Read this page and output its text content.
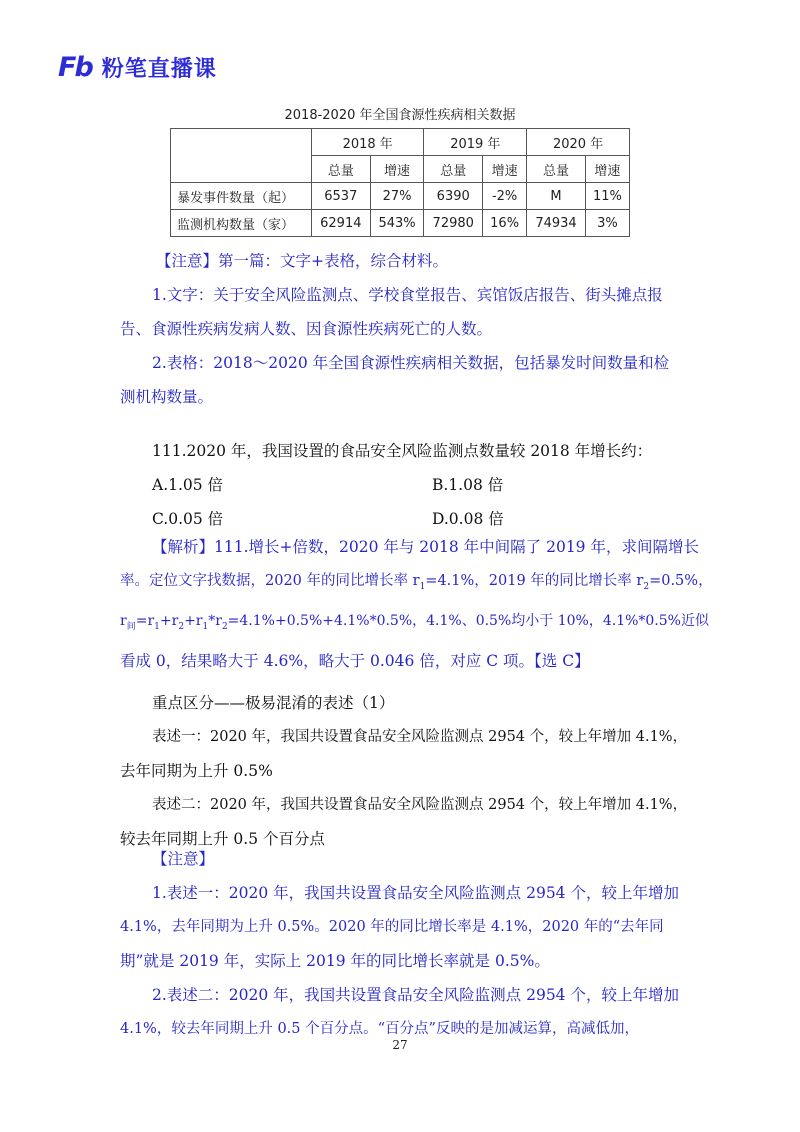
Fb 粉笔直播课
2018-2020 年全国食源性疾病相关数据
	2018 年		2019 年		2020 年	
	总量	增速	总量	增速	总量	增速
暴发事件数量（起）	6537	27%	6390	-2%	M	11%
监测机构数量（家）	62914	543%	72980	16%	74934	3%
【注意】第一篇：文字+表格，综合材料。
1.文字：关于安全风险监测点、学校食堂报告、宾馆饭店报告、街头摊点报
告、食源性疾病发病人数、因食源性疾病死亡的人数。
2.表格：2018～2020 年全国食源性疾病相关数据，包括暴发时间数量和检
测机构数量。
111.2020 年，我国设置的食品安全风险监测点数量较 2018 年增长约：
A.1.05 倍	B.1.08 倍
C.0.05 倍	D.0.08 倍
【解析】111.增长+倍数，2020 年与 2018 年中间隔了 2019 年，求间隔增长
率。定位文字找数据，2020 年的同比增长率 $r_1=4.1\%$，2019 年的同比增长率 $r_2=0.5\%$，
$r_间=r_1+r_2+r_1*r_2=4.1\%+0.5\%+4.1\%*0.5\%$，4.1%、0.5%均小于 10%，4.1%*0.5%近似
看成 0，结果略大于 4.6%，略大于 0.046 倍，对应 C 项。【选 C】
重点区分——极易混淆的表述（1）
表述一：2020 年，我国共设置食品安全风险监测点 2954 个，较上年增加 4.1%，
去年同期为上升 0.5%
表述二：2020 年，我国共设置食品安全风险监测点 2954 个，较上年增加 4.1%，
较去年同期上升 0.5 个百分点
【注意】
1.表述一：2020 年，我国共设置食品安全风险监测点 2954 个，较上年增加
4.1%，去年同期为上升 0.5%。2020 年的同比增长率是 4.1%，2020 年的“去年同
期”就是 2019 年，实际上 2019 年的同比增长率就是 0.5%。
2.表述二：2020 年，我国共设置食品安全风险监测点 2954 个，较上年增加
4.1%，较去年同期上升 0.5 个百分点。“百分点”反映的是加减运算，高减低加，
27
